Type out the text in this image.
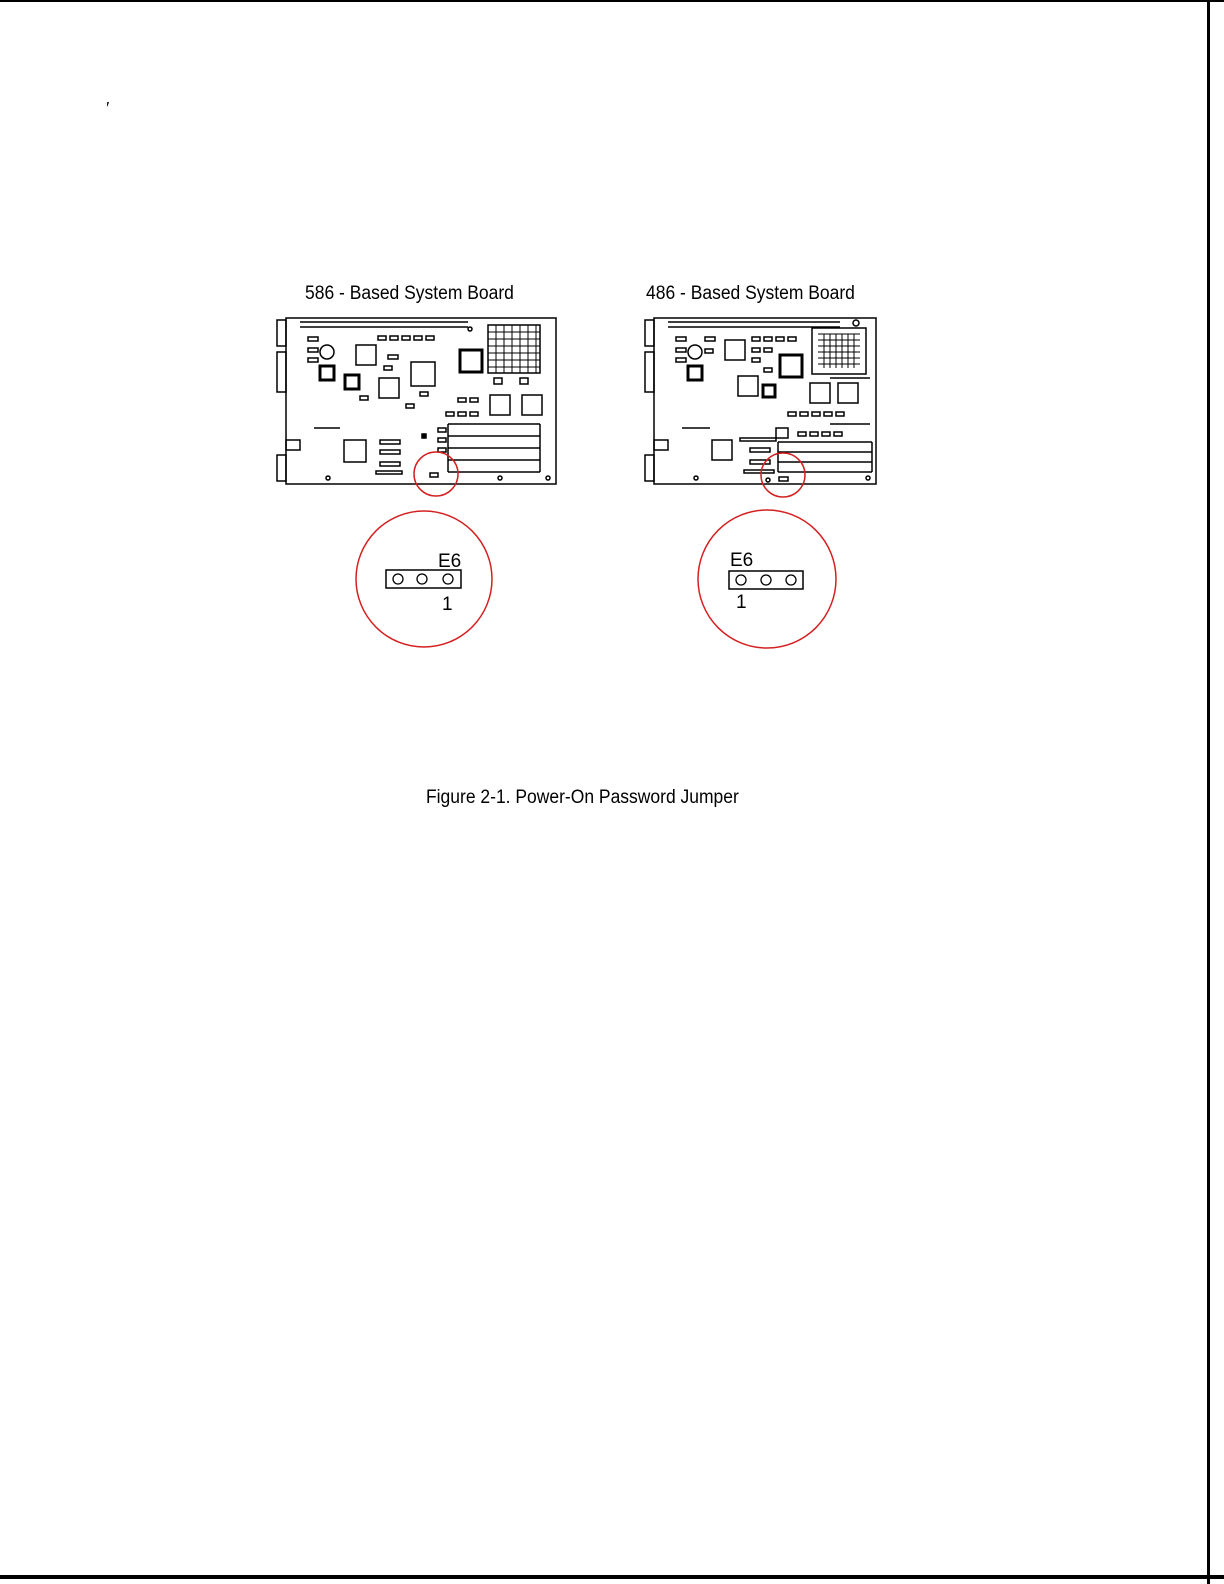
′
586 - Based System Board	486 - Based System Board
E6
1
E6
1
Figure 2-1. Power-On Password Jumper
